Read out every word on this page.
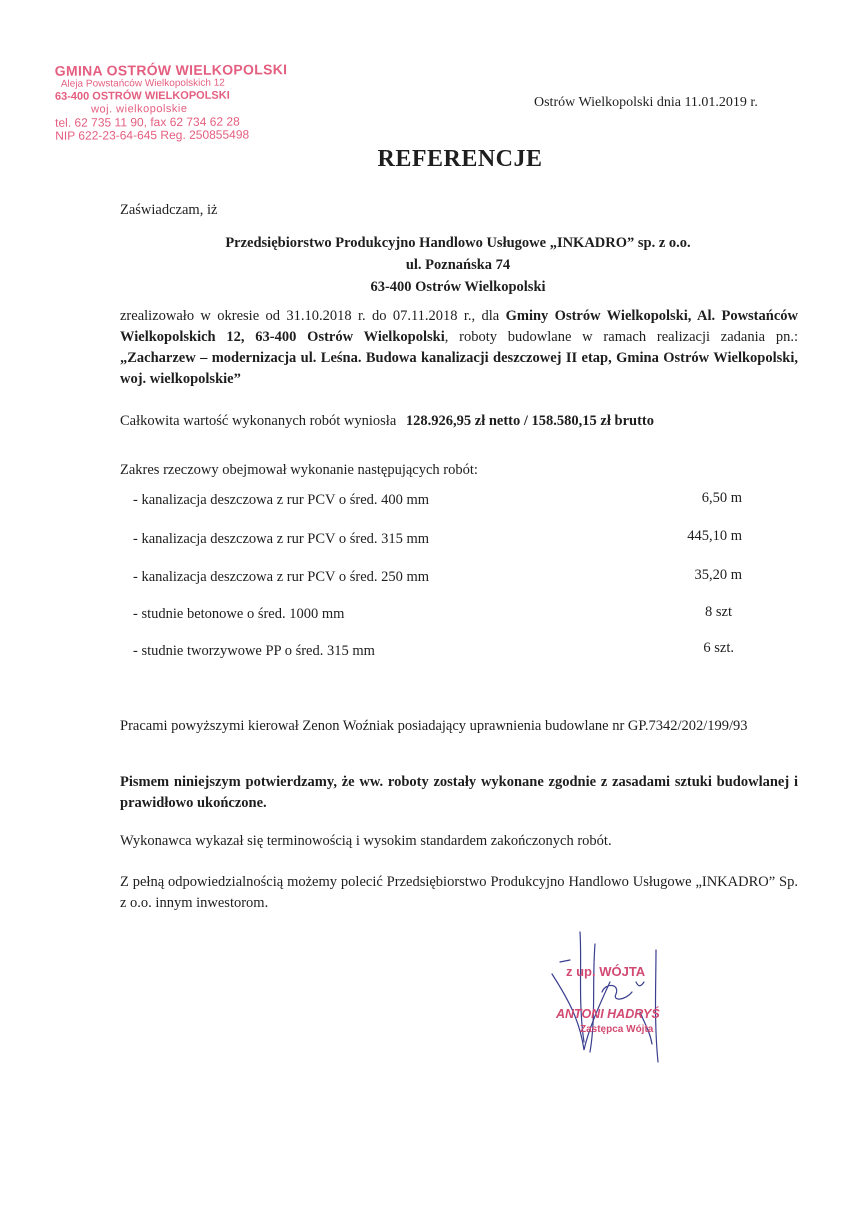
GMINA OSTRÓW WIELKOPOLSKI
Aleja Powstańców Wielkopolskich 12
63-400 OSTRÓW WIELKOPOLSKI
woj. wielkopolskie
tel. 62 735 11 90, fax 62 734 62 28
NIP 622-23-64-645 Reg. 250855498
Ostrów Wielkopolski dnia 11.01.2019 r.
REFERENCJE
Zaświadczam, iż
Przedsiębiorstwo Produkcyjno Handlowo Usługowe „INKADRO” sp. z o.o.
ul. Poznańska 74
63-400 Ostrów Wielkopolski
zrealizowało w okresie od 31.10.2018 r. do 07.11.2018 r., dla Gminy Ostrów Wielkopolski, Al. Powstańców Wielkopolskich 12, 63-400 Ostrów Wielkopolski, roboty budowlane w ramach realizacji zadania pn.: „Zacharzew – modernizacja ul. Leśna. Budowa kanalizacji deszczowej II etap, Gmina Ostrów Wielkopolski, woj. wielkopolskie”
Całkowita wartość wykonanych robót wyniosła 128.926,95 zł netto / 158.580,15 zł brutto
Zakres rzeczowy obejmował wykonanie następujących robót:
- kanalizacja deszczowa z rur PCV o śred. 400 mm	6,50 m
- kanalizacja deszczowa z rur PCV o śred. 315 mm	445,10 m
- kanalizacja deszczowa z rur PCV o śred. 250 mm	35,20 m
- studnie betonowe o śred. 1000 mm	8 szt
- studnie tworzywowe PP o śred. 315 mm	6 szt.
Pracami powyższymi kierował Zenon Woźniak posiadający uprawnienia budowlane nr GP.7342/202/199/93
Pismem niniejszym potwierdzamy, że ww. roboty zostały wykonane zgodnie z zasadami sztuki budowlanej i prawidłowo ukończone.
Wykonawca wykazał się terminowością i wysokim standardem zakończonych robót.
Z pełną odpowiedzialnością możemy polecić Przedsiębiorstwo Produkcyjno Handlowo Usługowe „INKADRO” Sp. z o.o. innym inwestorom.
z up. WÓJTA
ANTONI HADRYŚ
Zastępca Wójta
